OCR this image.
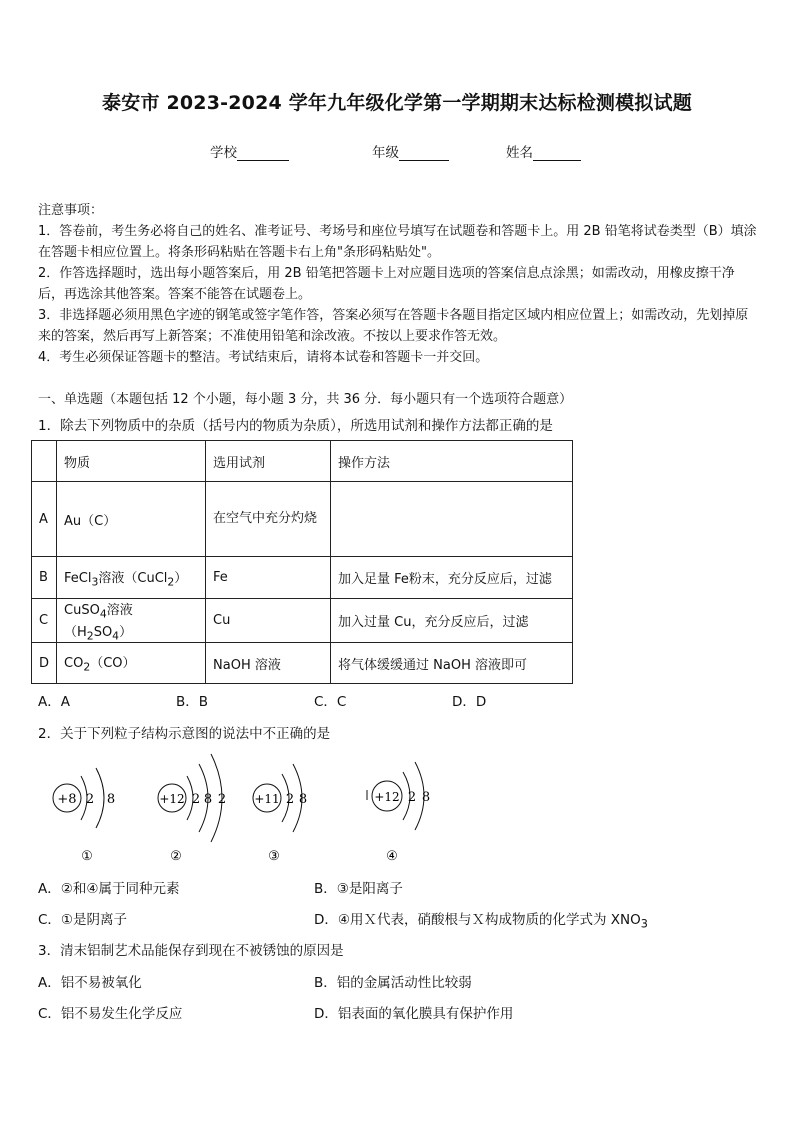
泰安市 2023-2024 学年九年级化学第一学期期末达标检测模拟试题
学校	年级	姓名

注意事项：

1．答卷前，考生务必将自己的姓名、准考证号、考场号和座位号填写在试题卷和答题卡上。用 2B 铅笔将试卷类型（B）填涂在答题卡相应位置上。将条形码粘贴在答题卡右上角"条形码粘贴处"。

2．作答选择题时，选出每小题答案后，用 2B 铅笔把答题卡上对应题目选项的答案信息点涂黑；如需改动，用橡皮擦干净后，再选涂其他答案。答案不能答在试题卷上。

3．非选择题必须用黑色字迹的钢笔或签字笔作答，答案必须写在答题卡各题目指定区域内相应位置上；如需改动，先划掉原来的答案，然后再写上新答案；不准使用铅笔和涂改液。不按以上要求作答无效。

4．考生必须保证答题卡的整洁。考试结束后，请将本试卷和答题卡一并交回。

一、单选题（本题包括 12 个小题，每小题 3 分，共 36 分．每小题只有一个选项符合题意）
1．除去下列物质中的杂质（括号内的物质为杂质），所选用试剂和操作方法都正确的是
	物质	选用试剂	操作方法
A	Au（C）	在空气中充分灼烧	
B	FeCl$_3$溶液（CuCl$_2$）	Fe	加入足量 Fe粉末，充分反应后，过滤
C	CuSO$_4$溶液$(H_2SO_4)$	Cu	加入过量 Cu，充分反应后，过滤
D	$CO_2(CO)$	NaOH 溶液	将气体缓缓通过 NaOH 溶液即可
A．A	B．B	C．C	D．D
2．关于下列粒子结构示意图的说法中不正确的是
+8 2 8
①
+12 2 8 2
②
+11 2 8
③
+12 2 8
④
A．②和④属于同种元素	B．③是阳离子
C．①是阴离子	D．④用Ｘ代表，硝酸根与Ｘ构成物质的化学式为 $XNO_3$
3．清末铝制艺术品能保存到现在不被锈蚀的原因是
A．铝不易被氧化	B．铝的金属活动性比较弱
C．铝不易发生化学反应	D．铝表面的氧化膜具有保护作用
